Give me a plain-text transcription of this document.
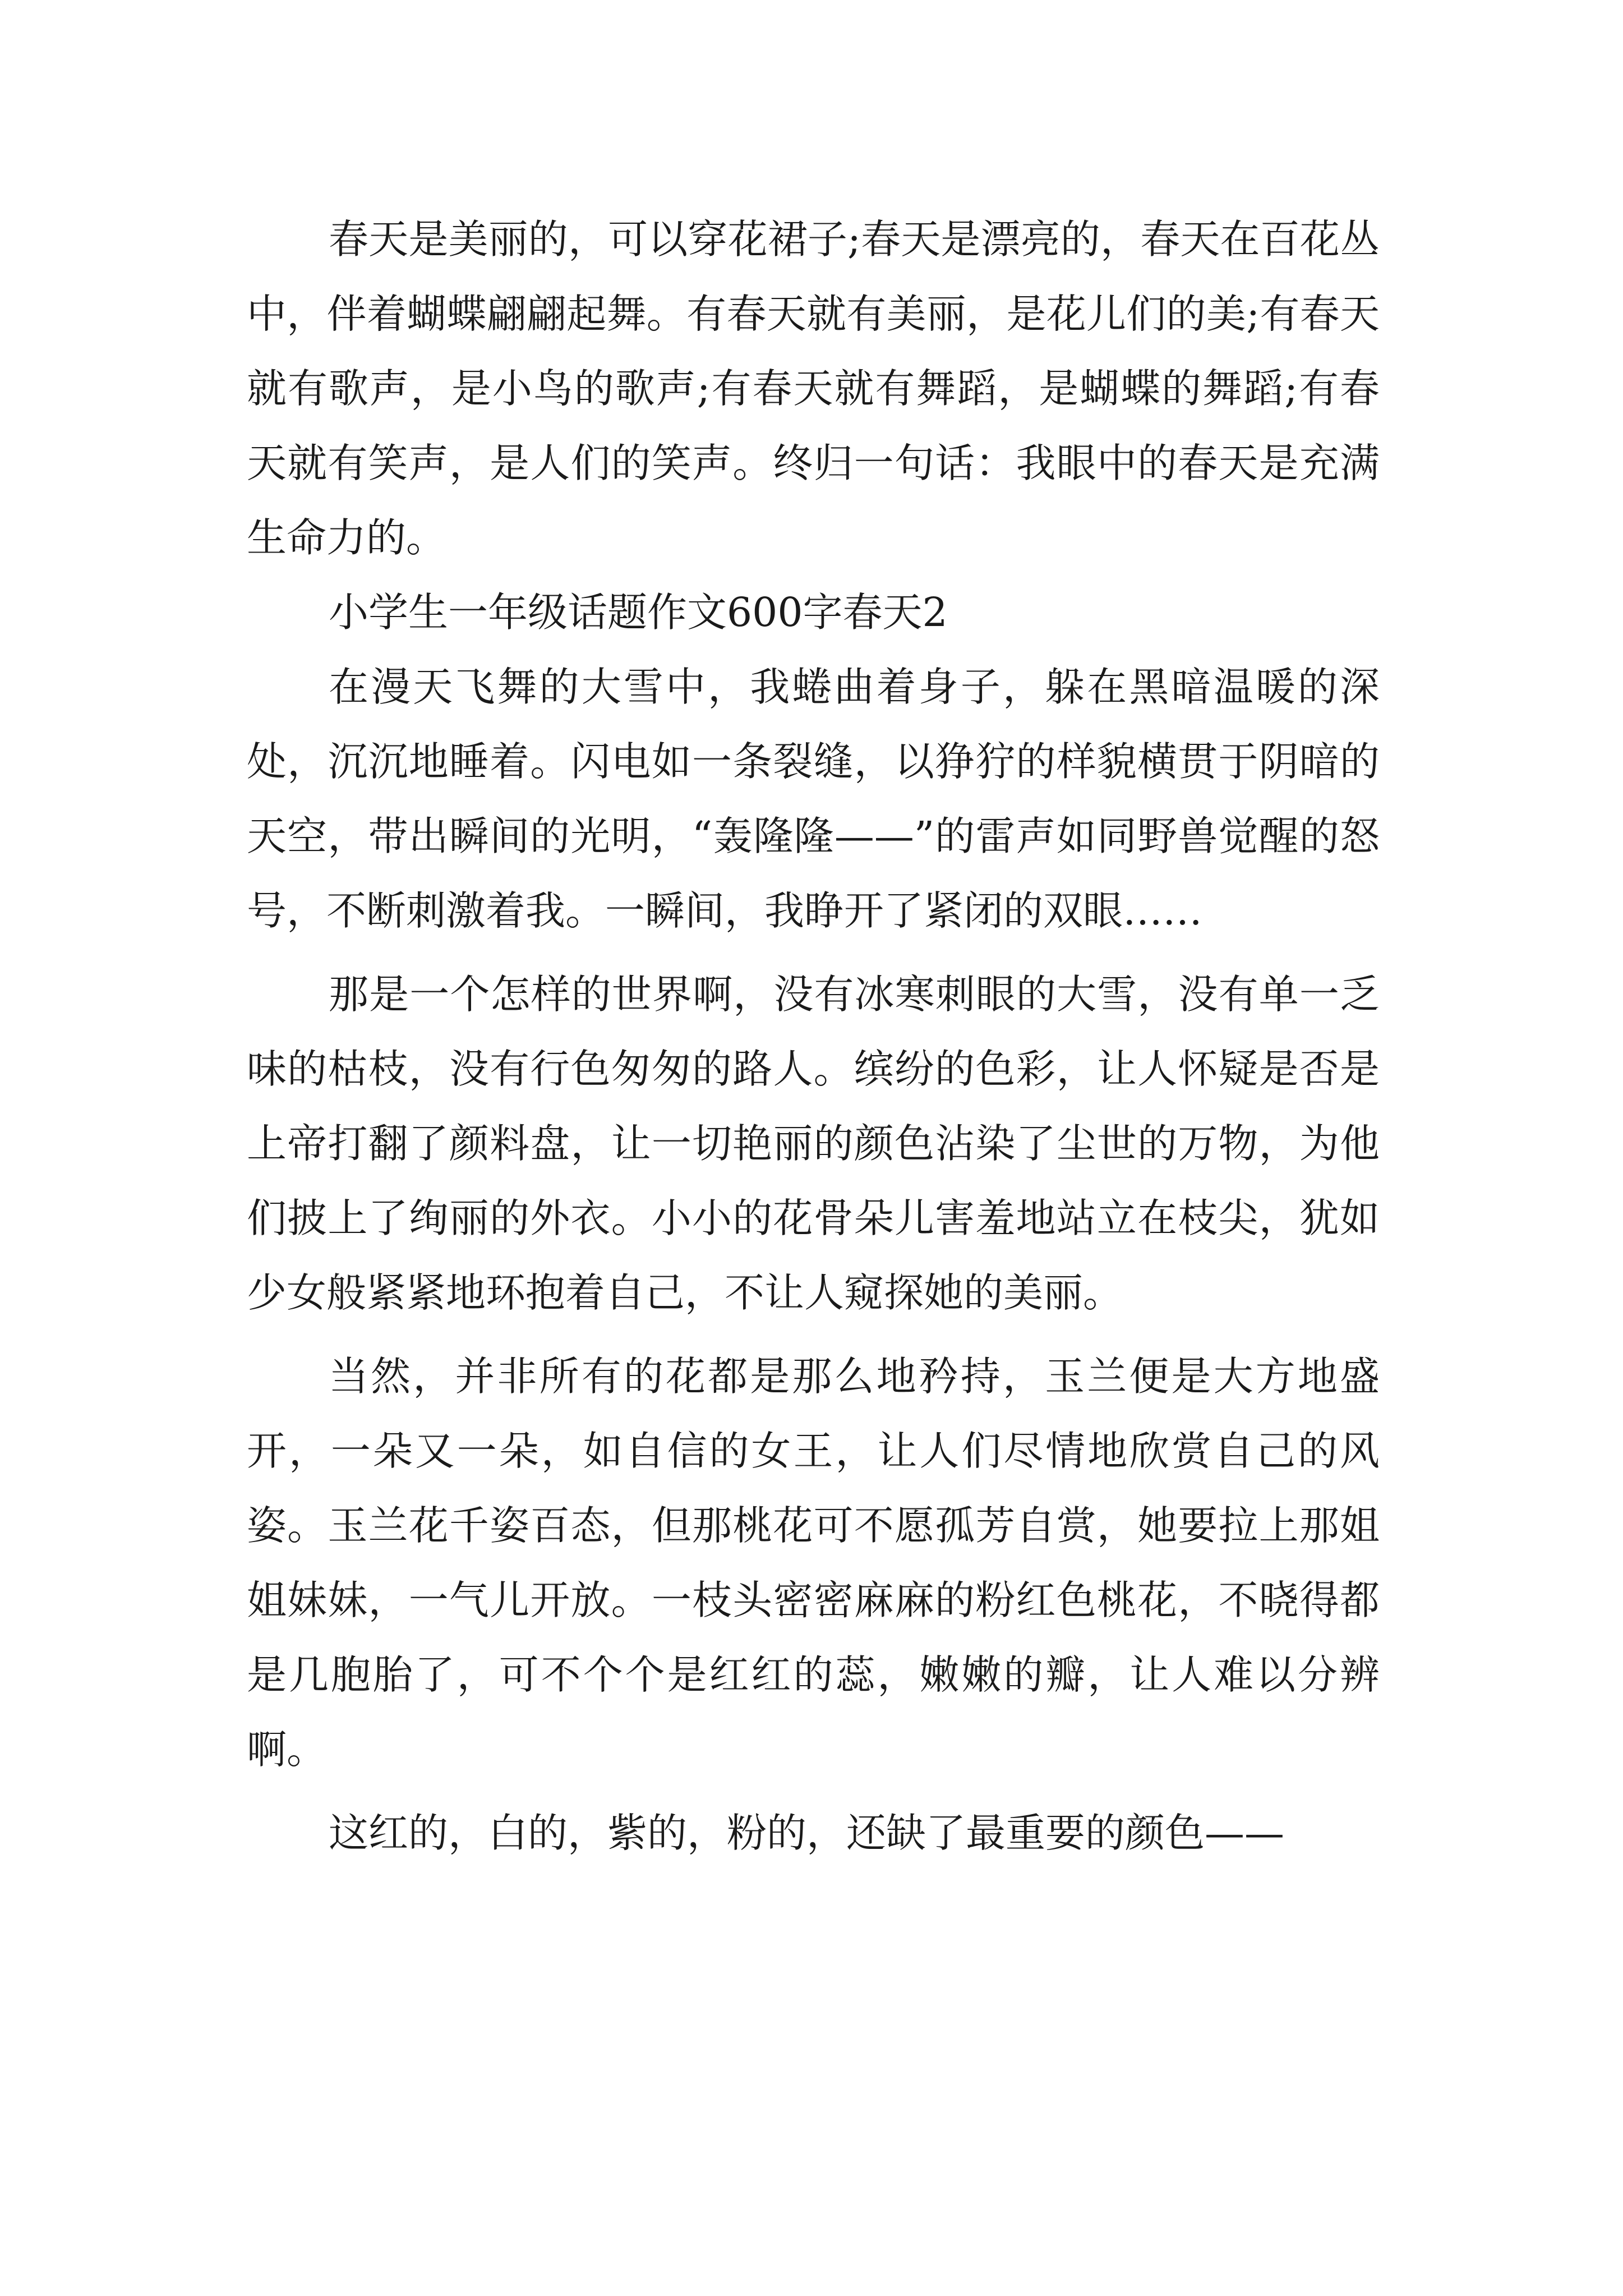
春天是美丽的，可以穿花裙子;春天是漂亮的，春天在百花丛中，伴着蝴蝶翩翩起舞。有春天就有美丽，是花儿们的美;有春天就有歌声，是小鸟的歌声;有春天就有舞蹈，是蝴蝶的舞蹈;有春天就有笑声，是人们的笑声。终归一句话：我眼中的春天是充满生命力的。

小学生一年级话题作文600字春天2

在漫天飞舞的大雪中，我蜷曲着身子，躲在黑暗温暖的深处，沉沉地睡着。闪电如一条裂缝，以狰狞的样貌横贯于阴暗的天空，带出瞬间的光明，“轰隆隆——”的雷声如同野兽觉醒的怒号，不断刺激着我。一瞬间，我睁开了紧闭的双眼……

那是一个怎样的世界啊，没有冰寒刺眼的大雪，没有单一乏味的枯枝，没有行色匆匆的路人。缤纷的色彩，让人怀疑是否是上帝打翻了颜料盘，让一切艳丽的颜色沾染了尘世的万物，为他们披上了绚丽的外衣。小小的花骨朵儿害羞地站立在枝尖，犹如少女般紧紧地环抱着自己，不让人窥探她的美丽。

当然，并非所有的花都是那么地矜持，玉兰便是大方地盛开，一朵又一朵，如自信的女王，让人们尽情地欣赏自己的风姿。玉兰花千姿百态，但那桃花可不愿孤芳自赏，她要拉上那姐姐妹妹，一气儿开放。一枝头密密麻麻的粉红色桃花，不晓得都是几胞胎了，可不个个是红红的蕊，嫩嫩的瓣，让人难以分辨啊。

这红的，白的，紫的，粉的，还缺了最重要的颜色——
